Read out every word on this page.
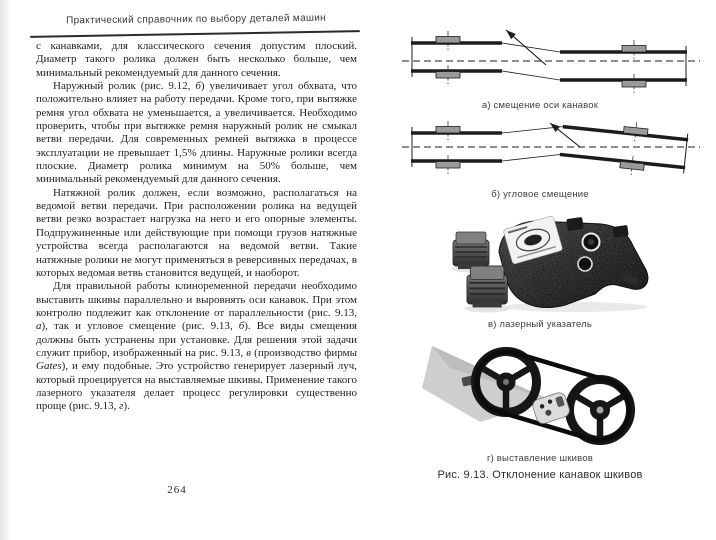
Практический справочник по выбору деталей машин

с канавками, для классического сечения допустим плоский. Диаметр такого ролика должен быть несколько больше, чем минимальный рекомендуемый для данного сечения.

Наружный ролик (рис. 9.12, б) увеличивает угол обхвата, что положительно влияет на работу передачи. Кроме того, при вытяжке ремня угол обхвата не уменьшается, а увеличивается. Необходимо проверить, чтобы при вытяжке ремня наружный ролик не смыкал ветви передачи. Для современных ремней вытяжка в процессе эксплуатации не превышает 1,5% длины. Наружные ролики всегда плоские. Диаметр ролика минимум на 50% больше, чем минимальный рекомендуемый для данного сечения.

Натяжной ролик должен, если возможно, располагаться на ведомой ветви передачи. При расположении ролика на ведущей ветви резко возрастает нагрузка на него и его опорные элементы. Подпружиненные или действующие при помощи грузов натяжные устройства всегда располагаются на ведомой ветви. Такие натяжные ролики не могут применяться в реверсивных передачах, в которых ведомая ветвь становится ведущей, и наоборот.

Для правильной работы клиноременной передачи необходимо выставить шкивы параллельно и выровнять оси канавок. При этом контролю подлежит как отклонение от параллельности (рис. 9.13, а), так и угловое смещение (рис. 9.13, б). Все виды смещения должны быть устранены при установке. Для решения этой задачи служит прибор, изображенный на рис. 9.13, в (производство фирмы Gates), и ему подобные. Это устройство генерирует лазерный луч, который проецируется на выставляемые шкивы. Применение такого лазерного указателя делает процесс регулировки существенно проще (рис. 9.13, г).

264
а) смещение оси канавок
б) угловое смещение
в) лазерный указатель
г) выставление шкивов
Рис. 9.13. Отклонение канавок шкивов
